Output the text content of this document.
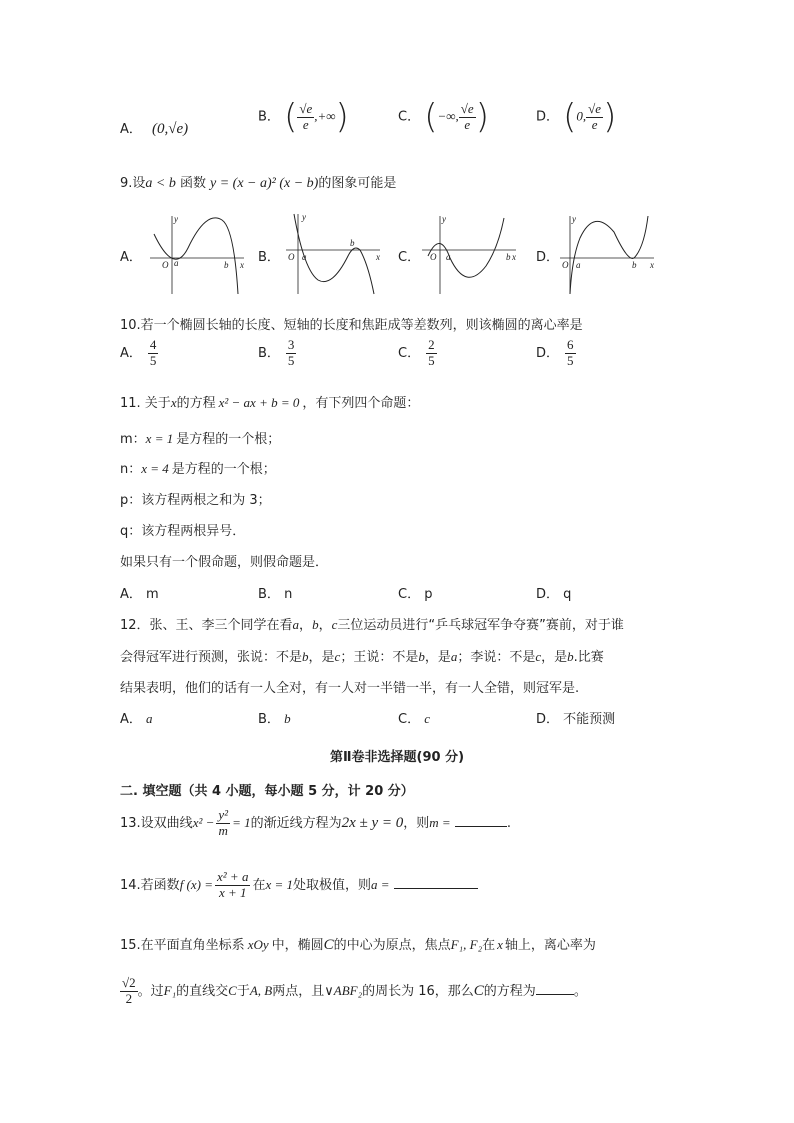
A． (0,√e)
B． ( $\frac{√e}{e}$ ,+∞)	C． (−∞, $\frac{√e}{e}$ )	D． (0, $\frac{√e}{e}$ )
9.设a < b 函数 y = (x − a)² (x − b)的图象可能是
A．	B．	C．	D．
y
x
O a	b
y
x
O a
b
y
x
O a	b
y
x
O a	b
10.若一个椭圆长轴的长度、短轴的长度和焦距成等差数列，则该椭圆的离心率是
A． $\frac{4}{5}$	B． $\frac{3}{5}$	C． $\frac{2}{5}$	D． $\frac{6}{5}$
11. 关于x的方程 x² − ax + b = 0 ，有下列四个命题：
m：x = 1 是方程的一个根；
n：x = 4 是方程的一个根；
p：该方程两根之和为 3；
q：该方程两根异号．
如果只有一个假命题，则假命题是．
A． m	B． n	C． p	D． q
12．张、王、李三个同学在看a，b，c三位运动员进行“乒乓球冠军争夺赛”赛前，对于谁
会得冠军进行预测，张说：不是b，是c；王说：不是b，是a；李说：不是c，是b.比赛
结果表明，他们的话有一人全对，有一人对一半错一半，有一人全错，则冠军是.
A． a	B． b	C． c	D． 不能预测
第Ⅱ卷非选择题(90 分)
二. 填空题（共 4 小题，每小题 5 分，计 20 分）
13.设双曲线$x^2 - \frac{\text{y²}}{m} = 1$的渐近线方程为2x ± y = 0，则m =	.
14.若函数f $(x) = \frac{\text{x² + a}}{x + 1}$ 在x = 1处取极值，则a =
15.在平面直角坐标系 xOy 中，椭圆C的中心为原点，焦点F₁, F₂在 x 轴上，离心率为
$\frac{√2}{2}$ 。过F₁的直线交C于A, B两点，且∨ABF₂的周长为 16，那么C的方程为	。
